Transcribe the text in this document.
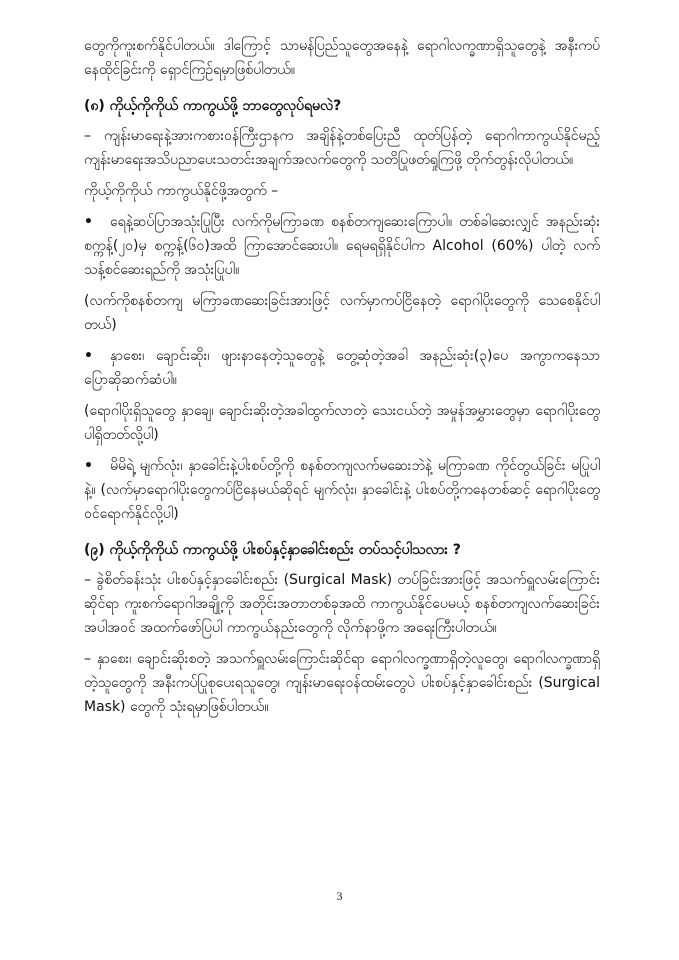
တွေကိုကူးစက်နိုင်ပါတယ်။ ဒါကြောင့် သာမန်ပြည်သူတွေအနေနဲ့ ရောဂါလက္ခဏာရှိသူတွေနဲ့ အနီးကပ်နေထိုင်ခြင်းကို ရှောင်ကြဉ်ရမှာဖြစ်ပါတယ်။

(၈) ကိုယ့်ကိုကိုယ် ကာကွယ်ဖို့ ဘာတွေလုပ်ရမလဲ?

– ကျန်းမာရေးနဲ့အားကစားဝန်ကြီးဌာနက အချိန်နဲ့တစ်ပြေးညီ ထုတ်ပြန်တဲ့ ရောဂါကာကွယ်နိုင်မည့် ကျန်းမာရေးအသိပညာပေးသတင်းအချက်အလက်တွေကို သတိပြုဖတ်ရှုကြဖို့ တိုက်တွန်းလိုပါတယ်။

ကိုယ့်ကိုကိုယ် ကာကွယ်နိုင်ဖို့အတွက် –

• ရေနဲ့ဆပ်ပြာအသုံးပြုပြီး လက်ကိုမကြာခဏ စနစ်တကျဆေးကြောပါ။ တစ်ခါဆေးလျှင် အနည်းဆုံးစက္ကန့်(၂၀)မှ စက္ကန့်(၆၀)အထိ ကြာအောင်ဆေးပါ။ ရေမရရှိနိုင်ပါက Alcohol (60%) ပါတဲ့ လက်သန့်စင်ဆေးရည်ကို အသုံးပြုပါ။

(လက်ကိုစနစ်တကျ မကြာခဏဆေးခြင်းအားဖြင့် လက်မှာကပ်ငြိနေတဲ့ ရောဂါပိုးတွေကို သေစေနိုင်ပါတယ်)

• နှာစေး၊ ချောင်းဆိုး၊ ဖျားနာနေတဲ့သူတွေနဲ့ တွေ့ဆုံတဲ့အခါ အနည်းဆုံး(၃)ပေ အကွာကနေသာ ပြောဆိုဆက်ဆံပါ။

(ရောဂါပိုးရှိသူတွေ နှာချေ၊ ချောင်းဆိုးတဲ့အခါထွက်လာတဲ့ သေးငယ်တဲ့ အမှုန်အမွှားတွေမှာ ရောဂါပိုးတွေ ပါရှိတတ်လို့ပါ)

• မိမိရဲ့ မျက်လုံး၊ နှာခေါင်းနဲ့ပါးစပ်တို့ကို စနစ်တကျလက်မဆေးဘဲနဲ့ မကြာခဏ ကိုင်တွယ်ခြင်း မပြုပါနဲ့။ (လက်မှာရောဂါပိုးတွေကပ်ငြိနေမယ်ဆိုရင် မျက်လုံး၊ နှာခေါင်းနဲ့ ပါးစပ်တို့ကနေတစ်ဆင့် ရောဂါပိုးတွေဝင်ရောက်နိုင်လို့ပါ)

(၉) ကိုယ့်ကိုကိုယ် ကာကွယ်ဖို့ ပါးစပ်နှင့်နှာခေါင်းစည်း တပ်သင့်ပါသလား ?

– ခွဲစိတ်ခန်းသုံး ပါးစပ်နှင့်နှာခေါင်းစည်း (Surgical Mask) တပ်ခြင်းအားဖြင့် အသက်ရှူလမ်းကြောင်းဆိုင်ရာ ကူးစက်ရောဂါအချို့ကို အတိုင်းအတာတစ်ခုအထိ ကာကွယ်နိုင်ပေမယ့် စနစ်တကျလက်ဆေးခြင်းအပါအဝင် အထက်ဖော်ပြပါ ကာကွယ်နည်းတွေကို လိုက်နာဖို့က အရေးကြီးပါတယ်။

– နှာစေး၊ ချောင်းဆိုးစတဲ့ အသက်ရှူလမ်းကြောင်းဆိုင်ရာ ရောဂါလက္ခဏာရှိတဲ့လူတွေ၊ ရောဂါလက္ခဏာရှိတဲ့သူတွေကို အနီးကပ်ပြုစုပေးရသူတွေ၊ ကျန်းမာရေးဝန်ထမ်းတွေပဲ ပါးစပ်နှင့်နှာခေါင်းစည်း (Surgical Mask) တွေကို သုံးရမှာဖြစ်ပါတယ်။

3
